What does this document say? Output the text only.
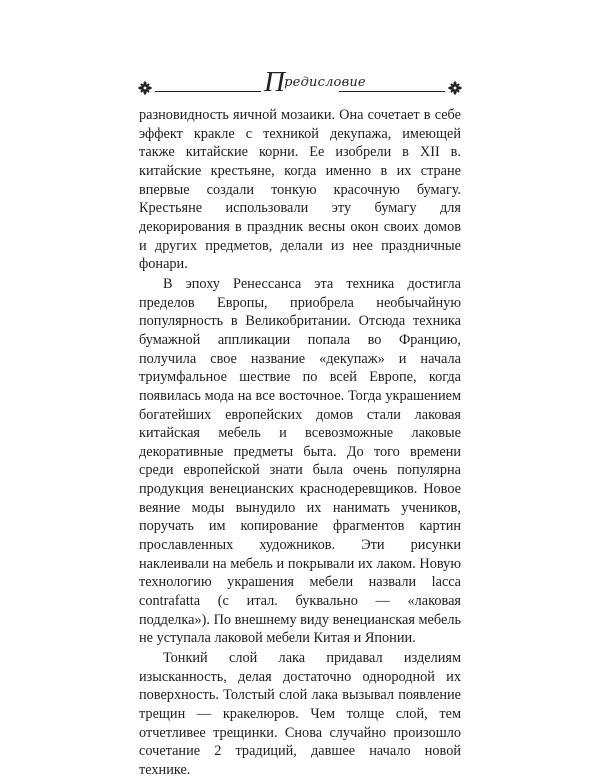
Предисловие

разновидность яичной мозаики. Она сочетает в себе эффект кракле с техникой декупажа, имеющей также китайские корни. Ее изобрели в XII в. китайские крестьяне, когда именно в их стране впервые создали тонкую красочную бумагу. Крестьяне использовали эту бумагу для декорирования в праздник весны окон своих домов и других предметов, делали из нее праздничные фонари.

В эпоху Ренессанса эта техника достигла пределов Европы, приобрела необычайную популярность в Великобритании. Отсюда техника бумажной аппликации попала во Францию, получила свое название «декупаж» и начала триумфальное шествие по всей Европе, когда появилась мода на все восточное. Тогда украшением богатейших европейских домов стали лаковая китайская мебель и всевозможные лаковые декоративные предметы быта. До того времени среди европейской знати была очень популярна продукция венецианских краснодеревщиков. Новое веяние моды вынудило их нанимать учеников, поручать им копирование фрагментов картин прославленных художников. Эти рисунки наклеивали на мебель и покрывали их лаком. Новую технологию украшения мебели назвали lacca contrafatta (с итал. буквально — «лаковая подделка»). По внешнему виду венецианская мебель не уступала лаковой мебели Китая и Японии.

Тонкий слой лака придавал изделиям изысканность, делая достаточно однородной их поверхность. Толстый слой лака вызывал появление трещин — кракелюров. Чем толще слой, тем отчетливее трещинки. Снова случайно произошло сочетание 2 традиций, давшее начало новой технике.
